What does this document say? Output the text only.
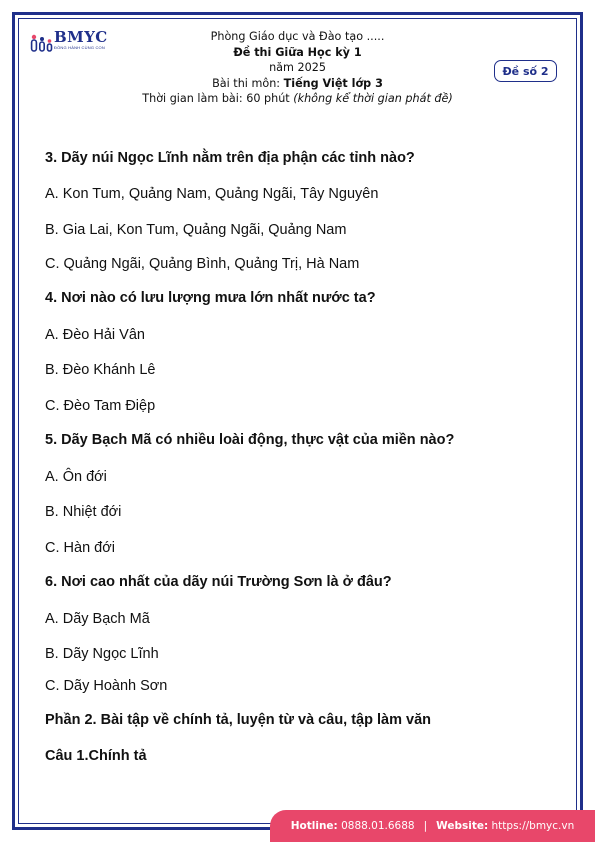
BMYC
ĐỒNG HÀNH CÙNG CON
Phòng Giáo dục và Đào tạo .....
Đề thi Giữa Học kỳ 1
năm 2025
Bài thi môn: Tiếng Việt lớp 3
Thời gian làm bài: 60 phút (không kể thời gian phát đề)
Đề số 2
3. Dãy núi Ngọc Lĩnh nằm trên địa phận các tỉnh nào?
A. Kon Tum, Quảng Nam, Quảng Ngãi, Tây Nguyên
B. Gia Lai, Kon Tum, Quảng Ngãi, Quảng Nam
C. Quảng Ngãi, Quảng Bình, Quảng Trị, Hà Nam
4. Nơi nào có lưu lượng mưa lớn nhất nước ta?
A. Đèo Hải Vân
B. Đèo Khánh Lê
C. Đèo Tam Điệp
5. Dãy Bạch Mã có nhiều loài động, thực vật của miền nào?
A. Ôn đới
B. Nhiệt đới
C. Hàn đới
6. Nơi cao nhất của dãy núi Trường Sơn là ở đâu?
A. Dãy Bạch Mã
B. Dãy Ngọc Lĩnh
C. Dãy Hoành Sơn
Phần 2. Bài tập về chính tả, luyện từ và câu, tập làm văn
Câu 1.Chính tả
Hotline:
0888.01.6688 | Website:
https://bmyc.vn
